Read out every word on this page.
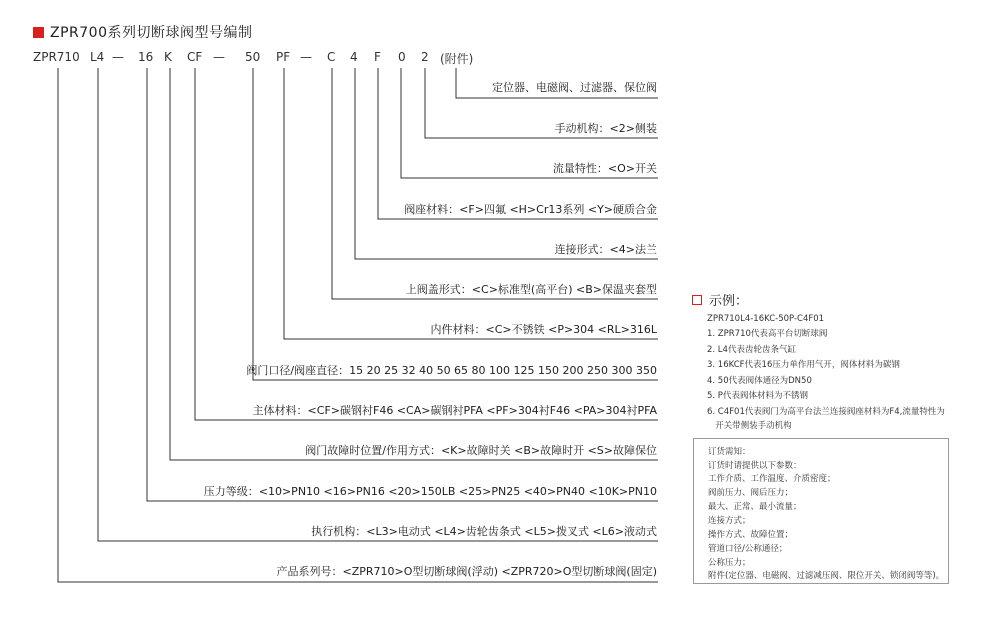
ZPR700系列切断球阀型号编制
ZPR710 L4 — 16 K CF — 50 PF — C 4 F 0 2 (附件)
定位器、电磁阀、过滤器、保位阀
手动机构：<2>侧装
流量特性：<O>开关
阀座材料：<F>四氟 <H>Cr13系列 <Y>硬质合金
连接形式：<4>法兰
上阀盖形式：<C>标准型(高平台) <B>保温夹套型
内件材料：<C>不锈铁 <P>304 <RL>316L
阀门口径/阀座直径：15 20 25 32 40 50 65 80 100 125 150 200 250 300 350
主体材料：<CF>碳钢衬F46 <CA>碳钢衬PFA <PF>304衬F46 <PA>304衬PFA
阀门故障时位置/作用方式：<K>故障时关 <B>故障时开 <S>故障保位
压力等级：<10>PN10 <16>PN16 <20>150LB <25>PN25 <40>PN40 <10K>PN10
执行机构：<L3>电动式 <L4>齿轮齿条式 <L5>拨叉式 <L6>液动式
产品系列号：<ZPR710>O型切断球阀(浮动) <ZPR720>O型切断球阀(固定)
示例：
ZPR710L4-16KC-50P-C4F01
1. ZPR710代表高平台切断球阀
2. L4代表齿轮齿条气缸
3. 16KCF代表16压力单作用气开，阀体材料为碳钢
4. 50代表阀体通径为DN50
5. P代表阀体材料为不锈钢
6. C4F01代表阀门为高平台法兰连接阀座材料为F4,流量特性为
开关带侧装手动机构
订货需知：
订货时请提供以下参数：
工作介质、工作温度、介质密度；
阀前压力、阀后压力；
最大、正常、最小流量；
连接方式；
操作方式、故障位置；
管道口径/公称通径；
公称压力；
附件(定位器、电磁阀、过滤减压阀、限位开关、锁闭阀等等)。
